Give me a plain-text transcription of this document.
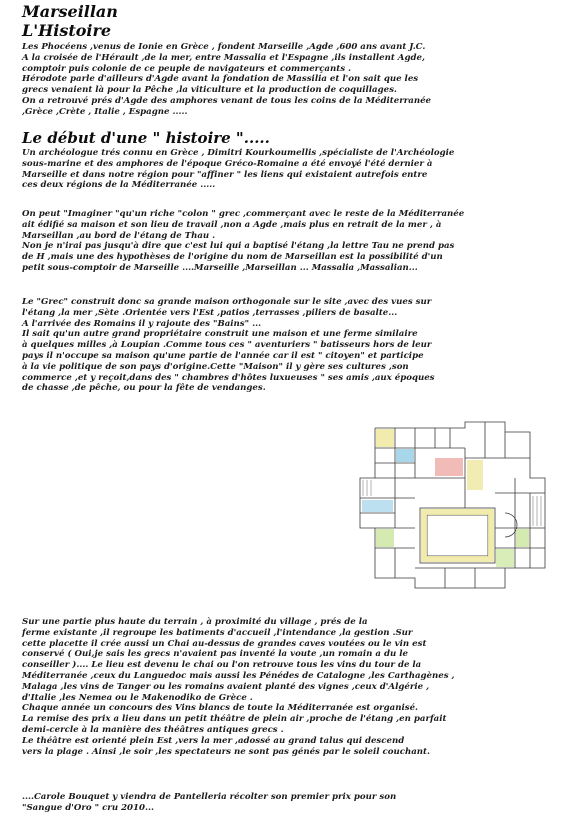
Marseillan
L'Histoire
Les Phocéens ,venus de Ionie en Grèce , fondent Marseille ,Agde ,600 ans avant J.C.
A la croisée de l'Hérault ,de la mer, entre Massalia et l'Espagne ,ils installent Agde,
comptoir puis colonie de ce peuple de navigateurs et commerçants .
Hérodote parle d'ailleurs d'Agde avant la fondation de Massilia et l'on sait que les
grecs venaient là pour la Pêche ,la viticulture et la production de coquillages.
On a retrouvé prés d'Agde des amphores venant de tous les coins de la Méditerranée
,Grèce ,Crète , Italie , Espagne .....
Le début d'une " histoire ".....
Un archéologue trés connu en Grèce , Dimitri Kourkoumellis ,spécialiste de l'Archéologie
sous-marine et des amphores de l'époque Gréco-Romaine a été envoyé l'été dernier à
Marseille et dans notre région pour "affiner " les liens qui existaient autrefois entre
ces deux régions de la Méditerranée .....
On peut "Imaginer "qu'un riche "colon " grec ,commerçant avec le reste de la Méditerranée
ait édifié sa maison et son lieu de travail ,non a Agde ,mais plus en retrait de la mer , à
Marseillan ,au bord de l'étang de Thau .
Non je n'irai pas jusqu'à dire que c'est lui qui a baptisé l'étang ,la lettre Tau ne prend pas
de H ,mais une des hypothèses de l'origine du nom de Marseillan est la possibilité d'un
petit sous-comptoir de Marseille ....Marseille ,Marseillan ... Massalia ,Massalian...
Le "Grec" construit donc sa grande maison orthogonale sur le site ,avec des vues sur
l'étang ,la mer ,Sète .Orientée vers l'Est ,patios ,terrasses ,piliers de basalte...
A l'arrivée des Romains il y rajoute des "Bains" ...
Il sait qu'un autre grand propriétaire construit une maison et une ferme similaire
à quelques milles ,à Loupian .Comme tous ces " aventuriers " batisseurs hors de leur
pays il n'occupe sa maison qu'une partie de l'année car il est " citoyen" et participe
à la vie politique de son pays d'origine.Cette "Maison" il y gère ses cultures ,son
commerce ,et y reçoit,dans des " chambres d'hôtes luxueuses " ses amis ,aux époques
de chasse ,de pêche, ou pour la fête de vendanges.
Sur une partie plus haute du terrain , à proximité du village , prés de la
ferme existante ,il regroupe les batiments d'accueil ,l'intendance ,la gestion .Sur
cette placette il crée aussi un Chai au-dessus de grandes caves voutées ou le vin est
conservé ( Oui,je sais les grecs n'avaient pas inventé la voute ,un romain a du le
conseiller ).... Le lieu est devenu le chai ou l'on retrouve tous les vins du tour de la
Méditerranée ,ceux du Languedoc mais aussi les Pénédes de Catalogne ,les Carthagènes ,
Malaga ,les vins de Tanger ou les romains avaient planté des vignes ,ceux d'Algérie ,
d'Italie ,les Nemea ou le Makenodiko de Grèce .
Chaque année un concours des Vins blancs de toute la Méditerranée est organisé.
La remise des prix a lieu dans un petit théâtre de plein air ,proche de l'étang ,en parfait
demi-cercle à la manière des théâtres antiques grecs .
Le théâtre est orienté plein Est ,vers la mer ,adossé au grand talus qui descend
vers la plage . Ainsi ,le soir ,les spectateurs ne sont pas génés par le soleil couchant.
....Carole Bouquet y viendra de Pantelleria récolter son premier prix pour son
"Sangue d'Oro " cru 2010...
